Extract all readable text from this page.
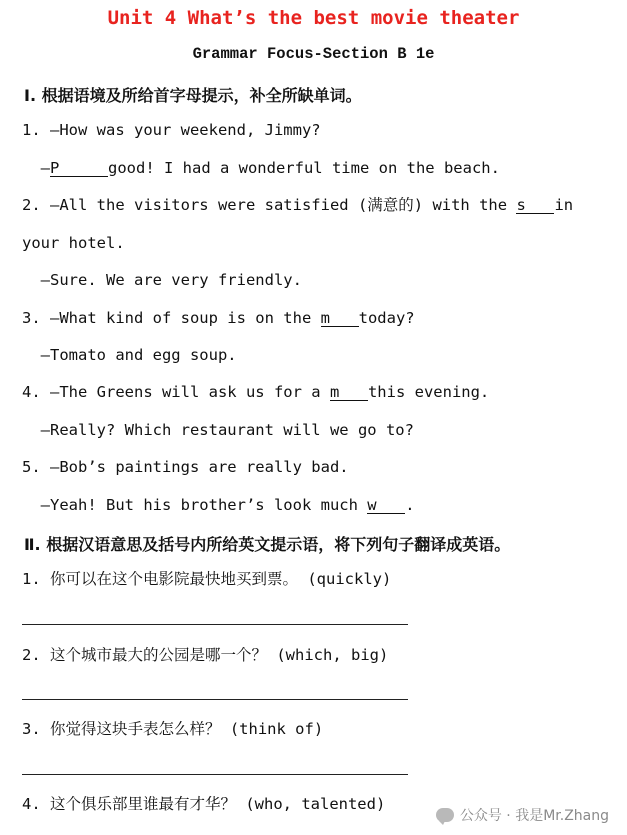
Unit 4 What’s the best movie theater
Grammar Focus-Section B 1e
Ⅰ. 根据语境及所给首字母提示，补全所缺单词。
1. —How was your weekend, Jimmy?
—P	good! I had a wonderful time on the beach.
2. —All the visitors were satisfied (满意的) with the s in
your hotel.
—Sure. We are very friendly.
3. —What kind of soup is on the m today?
—Tomato and egg soup.
4. —The Greens will ask us for a m this evening.
—Really? Which restaurant will we go to?
5. —Bob’s paintings are really bad.
—Yeah! But his brother’s look much w .
Ⅱ. 根据汉语意思及括号内所给英文提示语，将下列句子翻译成英语。
1. 你可以在这个电影院最快地买到票。 (quickly)
2. 这个城市最大的公园是哪一个？ (which, big)
3. 你觉得这块手表怎么样？ (think of)
4. 这个俱乐部里谁最有才华？ (who, talented)
公众号 · 我是Mr.Zhang
